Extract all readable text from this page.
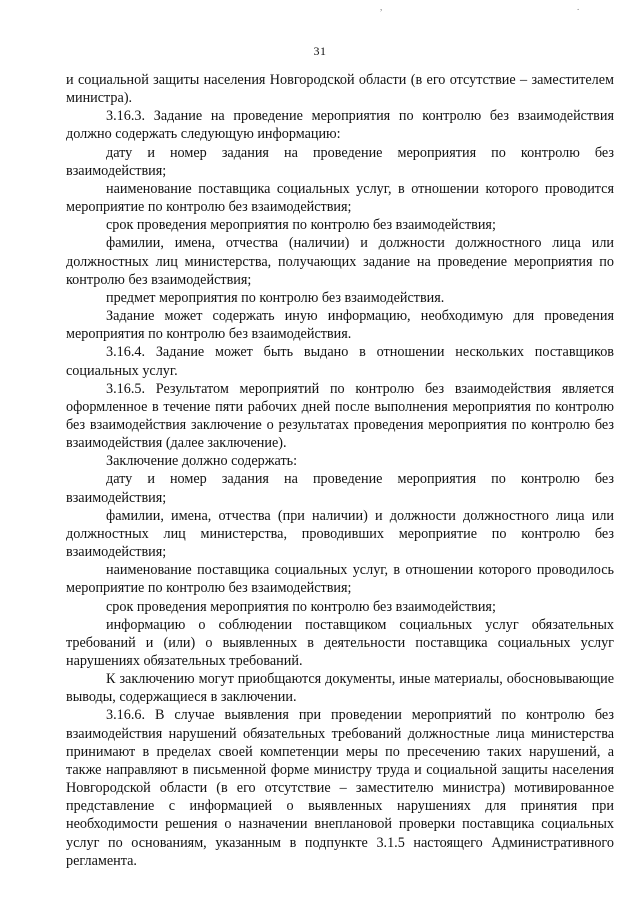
,	.
31

и социальной защиты населения Новгородской области (в его отсутствие – заместителем министра).

3.16.3. Задание на проведение мероприятия по контролю без взаимодействия должно содержать следующую информацию:

дату и номер задания на проведение мероприятия по контролю без взаимодействия;

наименование поставщика социальных услуг, в отношении которого проводится мероприятие по контролю без взаимодействия;

срок проведения мероприятия по контролю без взаимодействия;

фамилии, имена, отчества (наличии) и должности должностного лица или должностных лиц министерства, получающих задание на проведение мероприятия по контролю без взаимодействия;

предмет мероприятия по контролю без взаимодействия.

Задание может содержать иную информацию, необходимую для проведения мероприятия по контролю без взаимодействия.

3.16.4. Задание может быть выдано в отношении нескольких поставщиков социальных услуг.

3.16.5. Результатом мероприятий по контролю без взаимодействия является оформленное в течение пяти рабочих дней после выполнения мероприятия по контролю без взаимодействия заключение о результатах проведения мероприятия по контролю без взаимодействия (далее заключение).

Заключение должно содержать:

дату и номер задания на проведение мероприятия по контролю без взаимодействия;

фамилии, имена, отчества (при наличии) и должности должностного лица или должностных лиц министерства, проводивших мероприятие по контролю без взаимодействия;

наименование поставщика социальных услуг, в отношении которого проводилось мероприятие по контролю без взаимодействия;

срок проведения мероприятия по контролю без взаимодействия;

информацию о соблюдении поставщиком социальных услуг обязательных требований и (или) о выявленных в деятельности поставщика социальных услуг нарушениях обязательных требований.

К заключению могут приобщаются документы, иные материалы, обосновывающие выводы, содержащиеся в заключении.

3.16.6. В случае выявления при проведении мероприятий по контролю без взаимодействия нарушений обязательных требований должностные лица министерства принимают в пределах своей компетенции меры по пресечению таких нарушений, а также направляют в письменной форме министру труда и социальной защиты населения Новгородской области (в его отсутствие – заместителю министра) мотивированное представление с информацией о выявленных нарушениях для принятия при необходимости решения о назначении внеплановой проверки поставщика социальных услуг по основаниям, указанным в подпункте 3.1.5 настоящего Административного регламента.
